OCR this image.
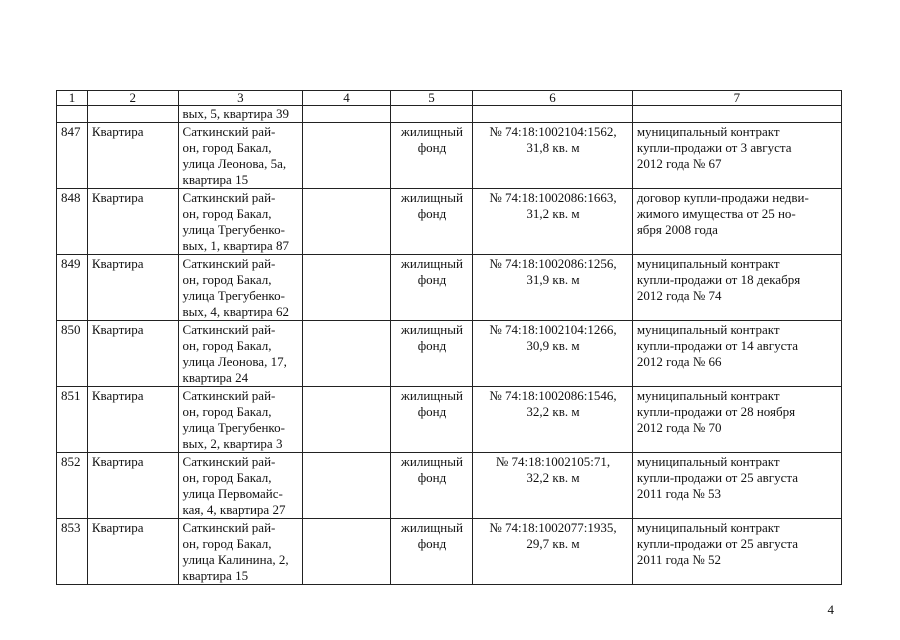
1	2	3	4	5	6	7
		вых, 5, квартира 39				
847	Квартира	Саткинский рай-
он, город Бакал,
улица Леонова, 5а,
квартира 15		жилищный
фонд	№ 74:18:1002104:1562,
31,8 кв. м	муниципальный контракт
купли-продажи от 3 августа
2012 года № 67

848	Квартира	Саткинский рай-
он, город Бакал,
улица Трегубенко-
вых, 1, квартира 87		жилищный
фонд	№ 74:18:1002086:1663,
31,2 кв. м	договор купли-продажи недви-
жимого имущества от 25 но-
ября 2008 года

849	Квартира	Саткинский рай-
он, город Бакал,
улица Трегубенко-
вых, 4, квартира 62		жилищный
фонд	№ 74:18:1002086:1256,
31,9 кв. м	муниципальный контракт
купли-продажи от 18 декабря
2012 года № 74

850	Квартира	Саткинский рай-
он, город Бакал,
улица Леонова, 17,
квартира 24		жилищный
фонд	№ 74:18:1002104:1266,
30,9 кв. м	муниципальный контракт
купли-продажи от 14 августа
2012 года № 66

851	Квартира	Саткинский рай-
он, город Бакал,
улица Трегубенко-
вых, 2, квартира 3		жилищный
фонд	№ 74:18:1002086:1546,
32,2 кв. м	муниципальный контракт
купли-продажи от 28 ноября
2012 года № 70

852	Квартира	Саткинский рай-
он, город Бакал,
улица Первомайс-
кая, 4, квартира 27		жилищный
фонд	№ 74:18:1002105:71,
32,2 кв. м	муниципальный контракт
купли-продажи от 25 августа
2011 года № 53

853	Квартира	Саткинский рай-
он, город Бакал,
улица Калинина, 2,
квартира 15		жилищный
фонд	№ 74:18:1002077:1935,
29,7 кв. м	муниципальный контракт
купли-продажи от 25 августа
2011 года № 52
4
